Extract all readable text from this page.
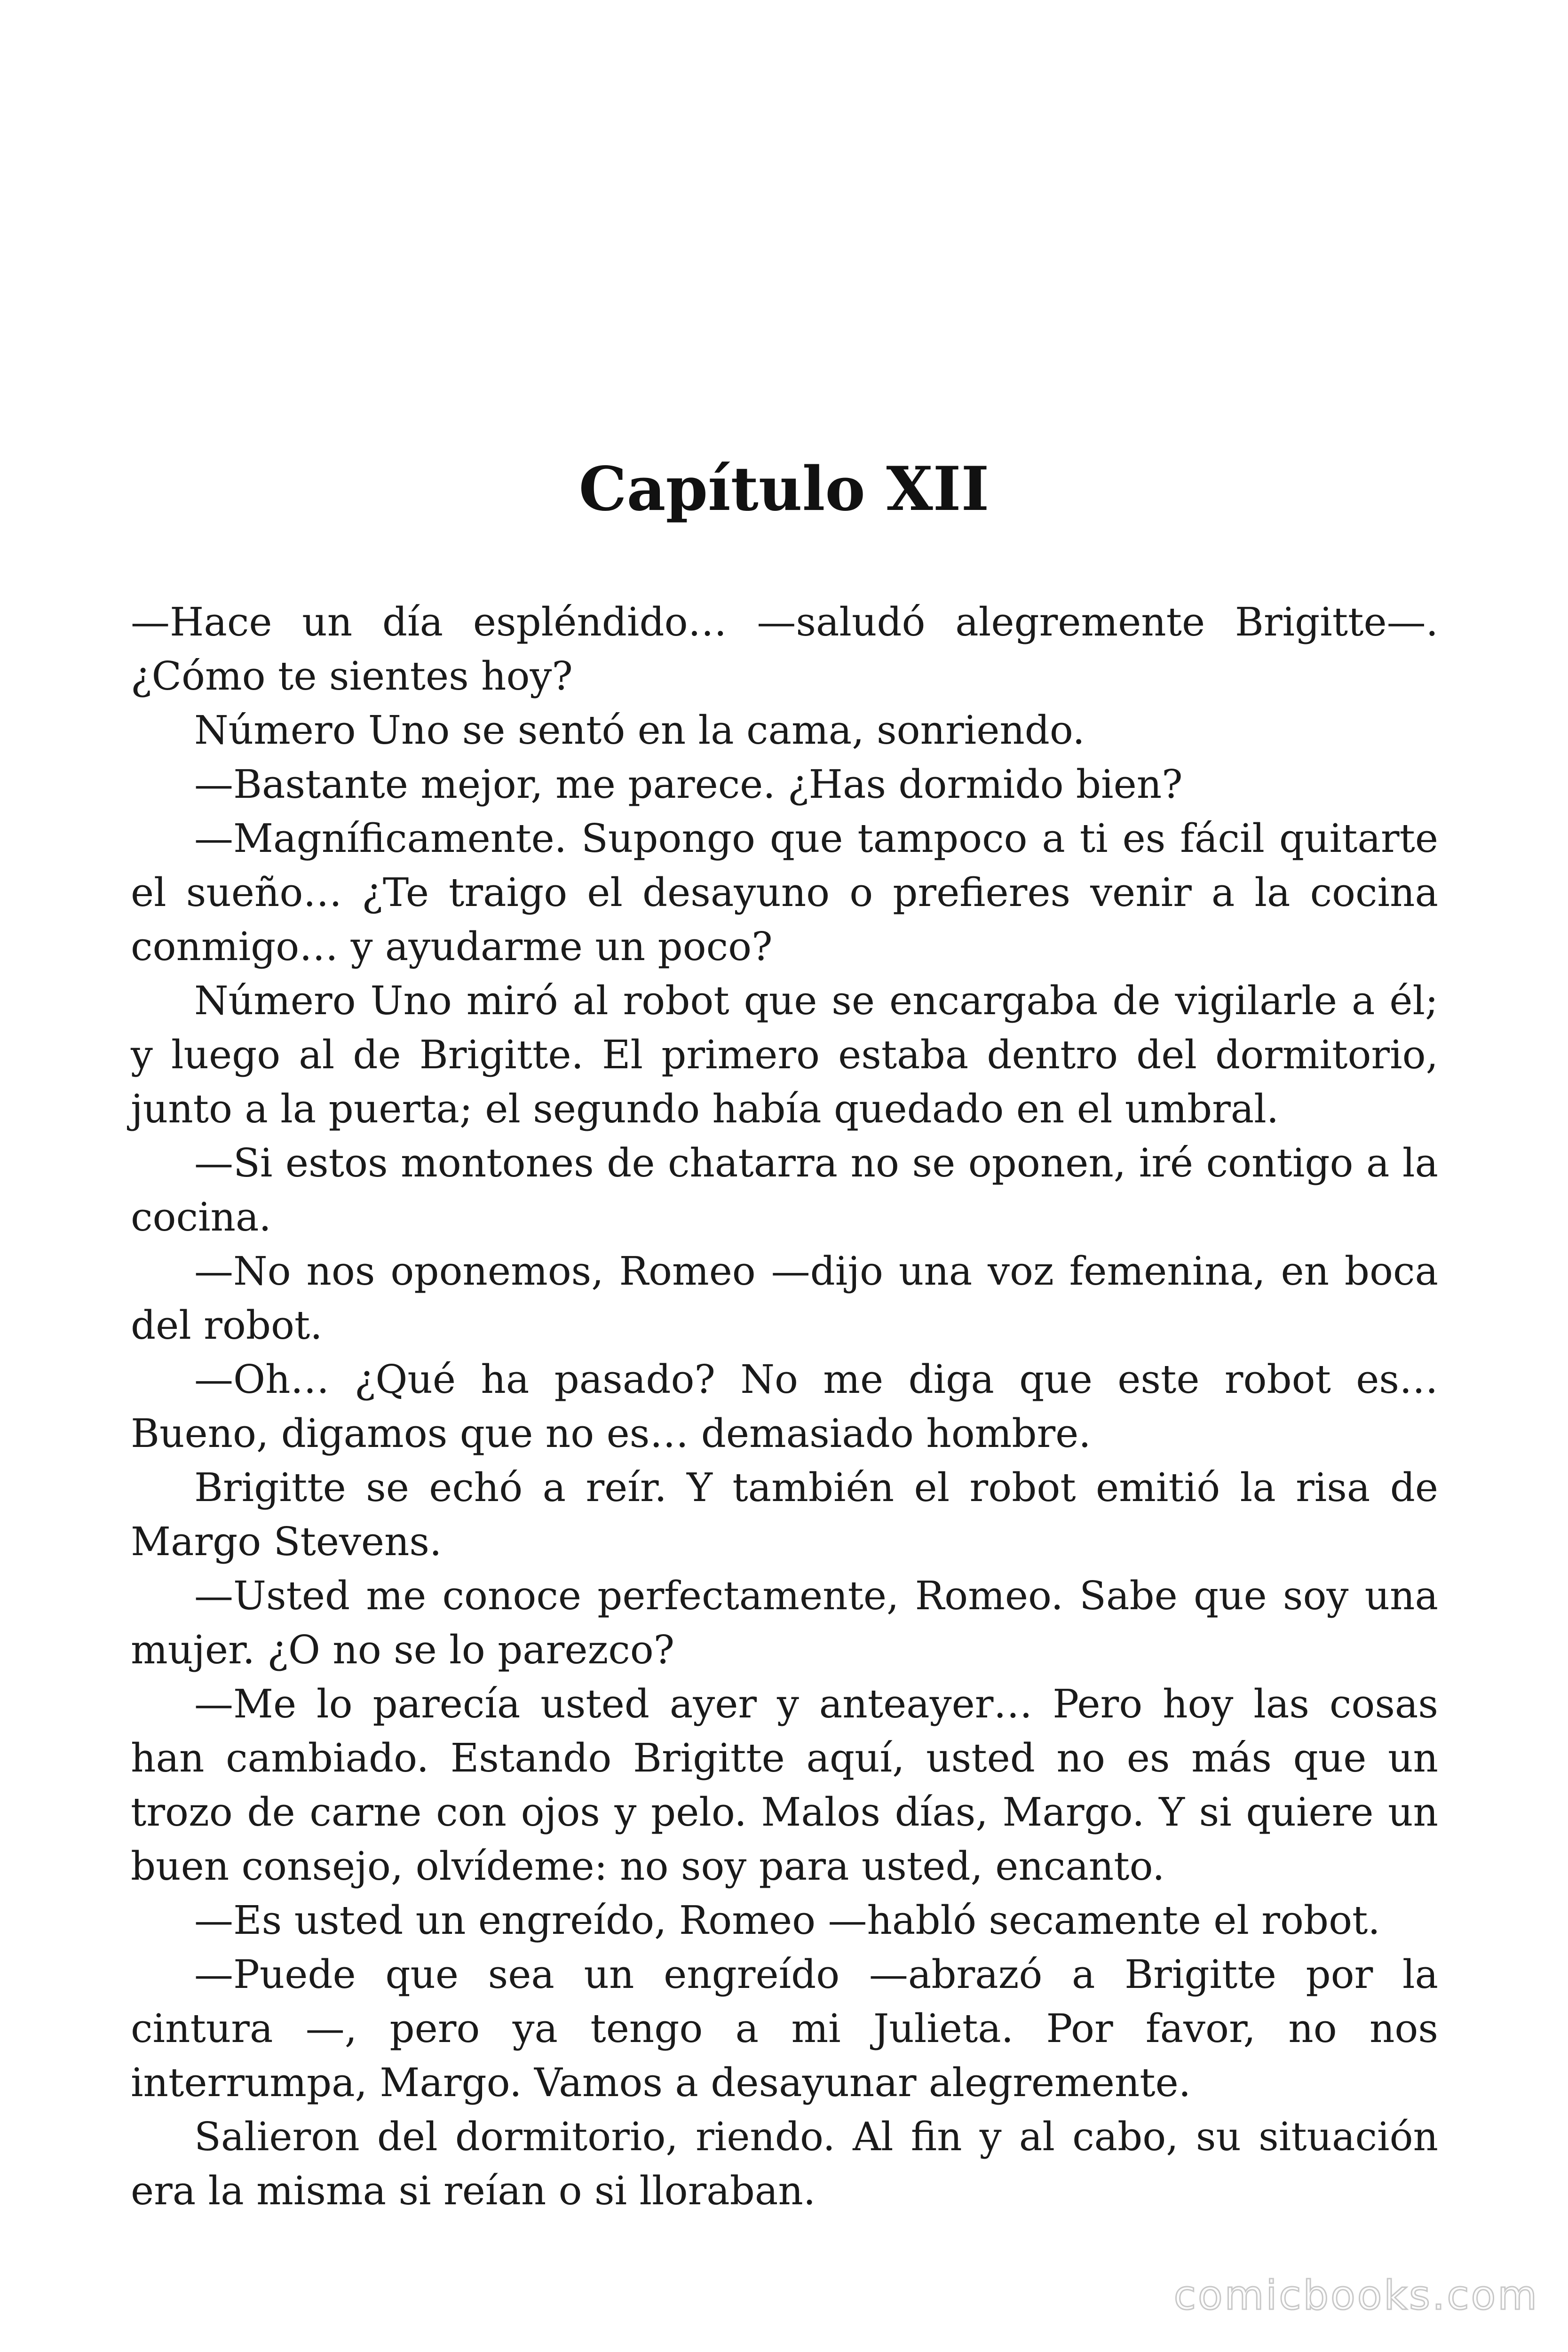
Capítulo XII

—Hace un día espléndido… —saludó alegremente Brigitte—. ¿Cómo te sientes hoy?

Número Uno se sentó en la cama, sonriendo.

—Bastante mejor, me parece. ¿Has dormido bien?

—Magníficamente. Supongo que tampoco a ti es fácil quitarte el sueño… ¿Te traigo el desayuno o prefieres venir a la cocina conmigo… y ayudarme un poco?

Número Uno miró al robot que se encargaba de vigilarle a él; y luego al de Brigitte. El primero estaba dentro del dormitorio, junto a la puerta; el segundo había quedado en el umbral.

—Si estos montones de chatarra no se oponen, iré contigo a la cocina.

—No nos oponemos, Romeo —dijo una voz femenina, en boca del robot.

—Oh… ¿Qué ha pasado? No me diga que este robot es… Bueno, digamos que no es… demasiado hombre.

Brigitte se echó a reír. Y también el robot emitió la risa de Margo Stevens.

—Usted me conoce perfectamente, Romeo. Sabe que soy una mujer. ¿O no se lo parezco?

—Me lo parecía usted ayer y anteayer… Pero hoy las cosas han cambiado. Estando Brigitte aquí, usted no es más que un trozo de carne con ojos y pelo. Malos días, Margo. Y si quiere un buen consejo, olvídeme: no soy para usted, encanto.

—Es usted un engreído, Romeo —habló secamente el robot.

—Puede que sea un engreído —abrazó a Brigitte por la cintura —, pero ya tengo a mi Julieta. Por favor, no nos interrumpa, Margo. Vamos a desayunar alegremente.

Salieron del dormitorio, riendo. Al fin y al cabo, su situación era la misma si reían o si lloraban.

comicbooks.com
